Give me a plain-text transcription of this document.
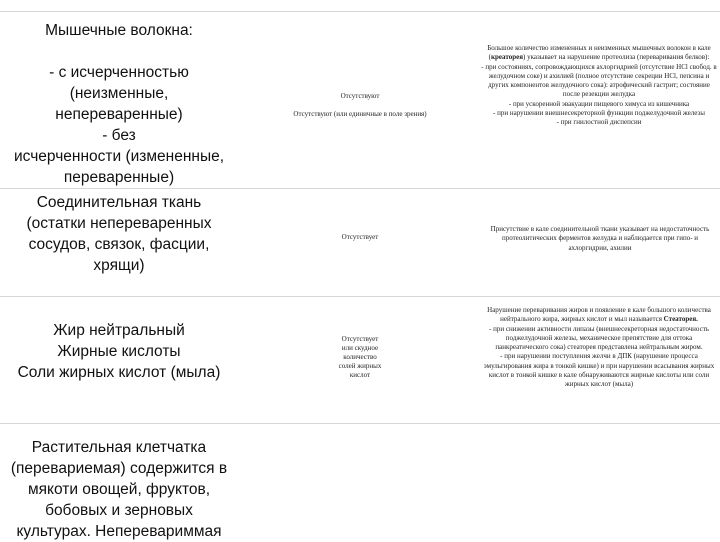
Мышечные волокна:
- с исчерченностью
(неизменные,
непереваренные)
- без
исчерченности (измененные,
переваренные)
Отсутствуют
Отсутствуют (или единичные в поле зрения)
Большое количество измененных и неизменных мышечных волокон в кале (креаторея) указывает на нарушение протеолиза (переваривания белков):
- при состояниях, сопровождающихся ахлоргидрией (отсутствие HCl свобод. в желудочном соке) и ахилией (полное отсутствие секреции HCl, пепсина и других компонентов желудочного сока): атрофический гастрит; состояние после резекции желудка
- при ускоренной эвакуации пищевого химуса из кишечника
- при нарушении внешнесекреторной функции поджелудочной железы
- при гнилостной диспепсии
Соединительная ткань
(остатки непереваренных
сосудов, связок, фасции,
хрящи)
Отсутствует
Присутствие в кале соединительной ткани указывает на недостаточность протеолитических ферментов желудка и наблюдается при гипо- и ахлоргидрии, ахилии
Жир нейтральный
Жирные кислоты
Соли жирных кислот (мыла)
Отсутствует
или скудное
количество
солей жирных
кислот
Нарушение переваривания жиров и появление в кале большого количества нейтрального жира, жирных кислот и мыл называется Стеаторея.
- при снижении активности липазы (внешнесекреторная недостаточность поджелудочной железы, механическое препятствие для оттока панкреатического сока) стеаторея представлена нейтральным жиром.
- при нарушении поступления желчи в ДПК (нарушение процесса эмульгирования жира в тонкой кишке) и при нарушении всасывания жирных кислот в тонкой кишке в кале обнаруживаются жирные кислоты или соли жирных кислот (мыла)
Растительная клетчатка
(перевариемая) содержится в
мякоти овощей, фруктов,
бобовых и зерновых
культурах. Неперевариммая
